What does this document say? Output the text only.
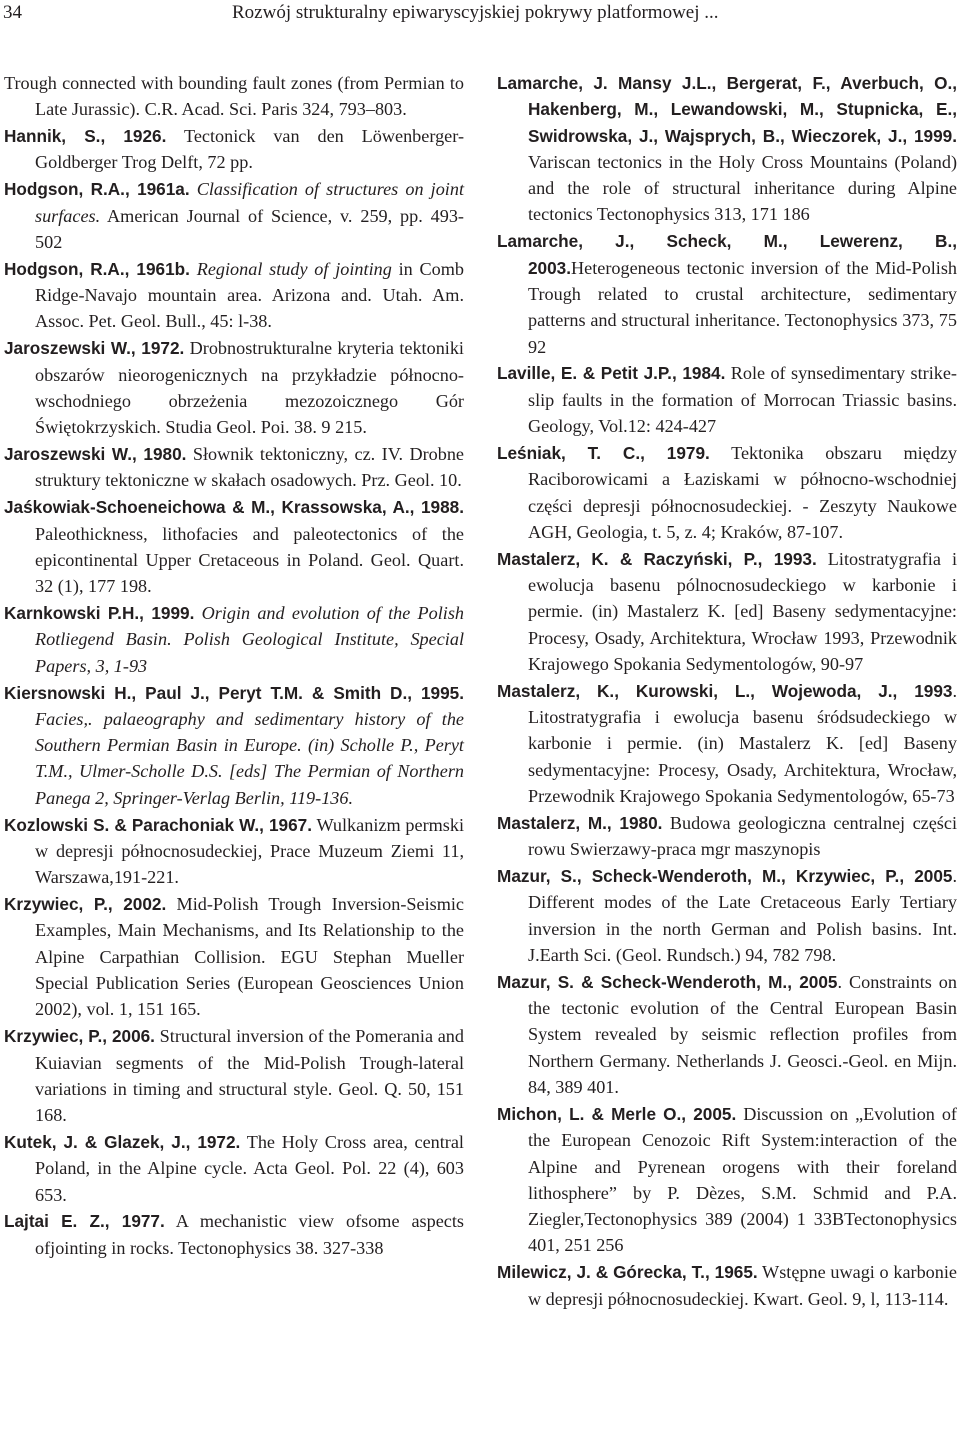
34	Rozwój strukturalny epiwaryscyjskiej pokrywy platformowej ...

Trough connected with bounding fault zones (from Permian to Late Jurassic). C.R. Acad. Sci. Paris 324, 793–803.

Hannik, S., 1926. Tectonick van den Löwenberger-Goldberger Trog Delft, 72 pp.

Hodgson, R.A., 1961a. Classification of structures on joint surfaces. American Journal of Science, v. 259, pp. 493-502

Hodgson, R.A., 1961b. Regional study of jointing in Comb Ridge-Navajo mountain area. Arizona and. Utah. Am. Assoc. Pet. Geol. Bull., 45: l-38.

Jaroszewski W., 1972. Drobnostrukturalne kryteria tektoniki obszarów nieorogenicznych na przykładzie północno-wschodniego obrzeżenia mezozoicznego Gór Świętokrzyskich. Studia Geol. Poi. 38. 9 215.

Jaroszewski W., 1980. Słownik tektoniczny, cz. IV. Drobne struktury tektoniczne w skałach osadowych. Prz. Geol. 10.

Jaśkowiak-Schoeneichowa & M., Krassowska, A., 1988. Paleothickness, lithofacies and paleotectonics of the epicontinental Upper Cretaceous in Poland. Geol. Quart. 32 (1), 177 198.

Karnkowski P.H., 1999. Origin and evolution of the Polish Rotliegend Basin. Polish Geological Institute, Special Papers, 3, 1-93

Kiersnowski H., Paul J., Peryt T.M. & Smith D., 1995. Facies,. palaeography and sedimentary history of the Southern Permian Basin in Europe. (in) Scholle P., Peryt T.M., Ulmer-Scholle D.S. [eds] The Permian of Northern Panega 2, Springer-Verlag Berlin, 119-136.

Kozlowski S. & Parachoniak W., 1967. Wulkanizm permski w depresji północnosudeckiej, Prace Muzeum Ziemi 11, Warszawa,191-221.

Krzywiec, P., 2002. Mid-Polish Trough Inversion-Seismic Examples, Main Mechanisms, and Its Relationship to the Alpine Carpathian Collision. EGU Stephan Mueller Special Publication Series (European Geosciences Union 2002), vol. 1, 151 165.

Krzywiec, P., 2006. Structural inversion of the Pomerania and Kuiavian segments of the Mid-Polish Trough-lateral variations in timing and structural style. Geol. Q. 50, 151 168.

Kutek, J. & Glazek, J., 1972. The Holy Cross area, central Poland, in the Alpine cycle. Acta Geol. Pol. 22 (4), 603 653.

Lajtai E. Z., 1977. A mechanistic view ofsome aspects ofjointing in rocks. Tectonophysics 38. 327-338

Lamarche, J. Mansy J.L., Bergerat, F., Averbuch, O., Hakenberg, M., Lewandowski, M., Stupnicka, E., Swidrowska, J., Wajsprych, B., Wieczorek, J., 1999. Variscan tectonics in the Holy Cross Mountains (Poland) and the role of structural inheritance during Alpine tectonics Tectonophysics 313, 171 186

Lamarche, J., Scheck, M., Lewerenz, B., 2003.Heterogeneous tectonic inversion of the Mid-Polish Trough related to crustal architecture, sedimentary patterns and structural inheritance. Tectonophysics 373, 75 92

Laville, E. & Petit J.P., 1984. Role of synsedimentary strike-slip faults in the formation of Morrocan Triassic basins. Geology, Vol.12: 424-427

Leśniak, T. C., 1979. Tektonika obszaru między Raciborowicami a Łaziskami w północno-wschodniej części depresji północnosudeckiej. - Zeszyty Naukowe AGH, Geologia, t. 5, z. 4; Kraków, 87-107.

Mastalerz, K. & Raczyński, P., 1993. Litostratygrafia i ewolucja basenu pólnocnosudeckiego w karbonie i permie. (in) Mastalerz K. [ed] Baseny sedymentacyjne: Procesy, Osady, Architektura, Wrocław 1993, Przewodnik Krajowego Spokania Sedymentologów, 90-97

Mastalerz, K., Kurowski, L., Wojewoda, J., 1993. Litostratygrafia i ewolucja basenu śródsudeckiego w karbonie i permie. (in) Mastalerz K. [ed] Baseny sedymentacyjne: Procesy, Osady, Architektura, Wrocław, Przewodnik Krajowego Spokania Sedymentologów, 65-73

Mastalerz, M., 1980. Budowa geologiczna centralnej części rowu Swierzawy-praca mgr maszynopis

Mazur, S., Scheck-Wenderoth, M., Krzywiec, P., 2005. Different modes of the Late Cretaceous Early Tertiary inversion in the north German and Polish basins. Int. J.Earth Sci. (Geol. Rundsch.) 94, 782 798.

Mazur, S. & Scheck-Wenderoth, M., 2005. Constraints on the tectonic evolution of the Central European Basin System revealed by seismic reflection profiles from Northern Germany. Netherlands J. Geosci.-Geol. en Mijn. 84, 389 401.

Michon, L. & Merle O., 2005. Discussion on „Evolution of the European Cenozoic Rift System:interaction of the Alpine and Pyrenean orogens with their foreland lithosphere” by P. Dèzes, S.M. Schmid and P.A. Ziegler,Tectonophysics 389 (2004) 1 33BTectonophysics 401, 251 256

Milewicz, J. & Górecka, T., 1965. Wstępne uwagi o karbonie w depresji północnosudeckiej. Kwart. Geol. 9, l, 113-114.
